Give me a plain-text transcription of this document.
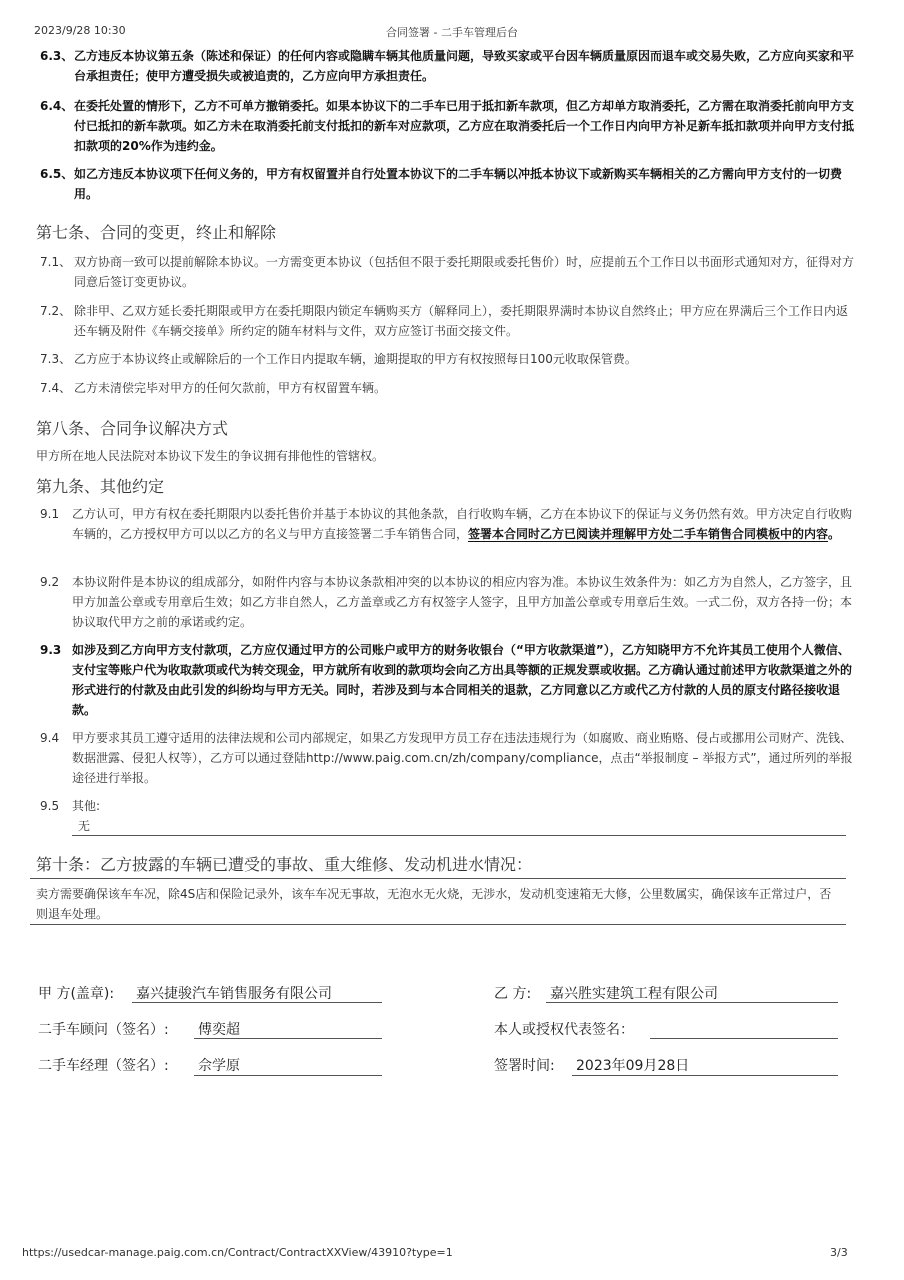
2023/9/28 10:30	合同签署 - 二手车管理后台
6.3、 乙方违反本协议第五条（陈述和保证）的任何内容或隐瞒车辆其他质量问题，导致买家或平台因车辆质量原因而退车或交易失败，乙方应向买家和平台承担责任；使甲方遭受损失或被追责的，乙方应向甲方承担责任。
6.4、 在委托处置的情形下，乙方不可单方撤销委托。如果本协议下的二手车已用于抵扣新车款项，但乙方却单方取消委托，乙方需在取消委托前向甲方支付已抵扣的新车款项。如乙方未在取消委托前支付抵扣的新车对应款项，乙方应在取消委托后一个工作日内向甲方补足新车抵扣款项并向甲方支付抵扣款项的20%作为违约金。
6.5、 如乙方违反本协议项下任何义务的，甲方有权留置并自行处置本协议下的二手车辆以冲抵本协议下或新购买车辆相关的乙方需向甲方支付的一切费用。
第七条、合同的变更，终止和解除
7.1、 双方协商一致可以提前解除本协议。一方需变更本协议（包括但不限于委托期限或委托售价）时，应提前五个工作日以书面形式通知对方，征得对方同意后签订变更协议。
7.2、 除非甲、乙双方延长委托期限或甲方在委托期限内锁定车辆购买方（解释同上），委托期限界满时本协议自然终止；甲方应在界满后三个工作日内返还车辆及附件《车辆交接单》所约定的随车材料与文件，双方应签订书面交接文件。
7.3、 乙方应于本协议终止或解除后的一个工作日内提取车辆，逾期提取的甲方有权按照每日100元收取保管费。
7.4、 乙方未清偿完毕对甲方的任何欠款前，甲方有权留置车辆。
第八条、合同争议解决方式
甲方所在地人民法院对本协议下发生的争议拥有排他性的管辖权。
第九条、其他约定
9.1	乙方认可，甲方有权在委托期限内以委托售价并基于本协议的其他条款，自行收购车辆，乙方在本协议下的保证与义务仍然有效。甲方决定自行收购车辆的，乙方授权甲方可以以乙方的名义与甲方直接签署二手车销售合同，签署本合同时乙方已阅读并理解甲方处二手车销售合同模板中的内容。
9.2	本协议附件是本协议的组成部分，如附件内容与本协议条款相冲突的以本协议的相应内容为准。本协议生效条件为：如乙方为自然人，乙方签字，且甲方加盖公章或专用章后生效；如乙方非自然人，乙方盖章或乙方有权签字人签字，且甲方加盖公章或专用章后生效。一式二份，双方各持一份；本协议取代甲方之前的承诺或约定。
9.3 如涉及到乙方向甲方支付款项，乙方应仅通过甲方的公司账户或甲方的财务收银台（“甲方收款渠道”），乙方知晓甲方不允许其员工使用个人微信、支付宝等账户代为收取款项或代为转交现金，甲方就所有收到的款项均会向乙方出具等额的正规发票或收据。乙方确认通过前述甲方收款渠道之外的形式进行的付款及由此引发的纠纷均与甲方无关。同时，若涉及到与本合同相关的退款，乙方同意以乙方或代乙方付款的人员的原支付路径接收退款。
9.4	甲方要求其员工遵守适用的法律法规和公司内部规定，如果乙方发现甲方员工存在违法违规行为（如腐败、商业贿赂、侵占或挪用公司财产、洗钱、数据泄露、侵犯人权等），乙方可以通过登陆http://www.paig.com.cn/zh/company/compliance，点击“举报制度 – 举报方式”，通过所列的举报途径进行举报。
9.5	其他:
无
第十条：乙方披露的车辆已遭受的事故、重大维修、发动机进水情况：
卖方需要确保该车车况，除4S店和保险记录外，该车车况无事故，无泡水无火烧，无涉水，发动机变速箱无大修，公里数属实，确保该车正常过户，否则退车处理。
甲 方(盖章): 嘉兴捷骏汽车销售服务有限公司
二手车顾问（签名）: 傅奕超
二手车经理（签名）: 佘学原
乙 方: 嘉兴胜实建筑工程有限公司
本人或授权代表签名：
签署时间: 2023年09月28日
https://usedcar-manage.paig.com.cn/Contract/ContractXXView/43910?type=1	3/3
